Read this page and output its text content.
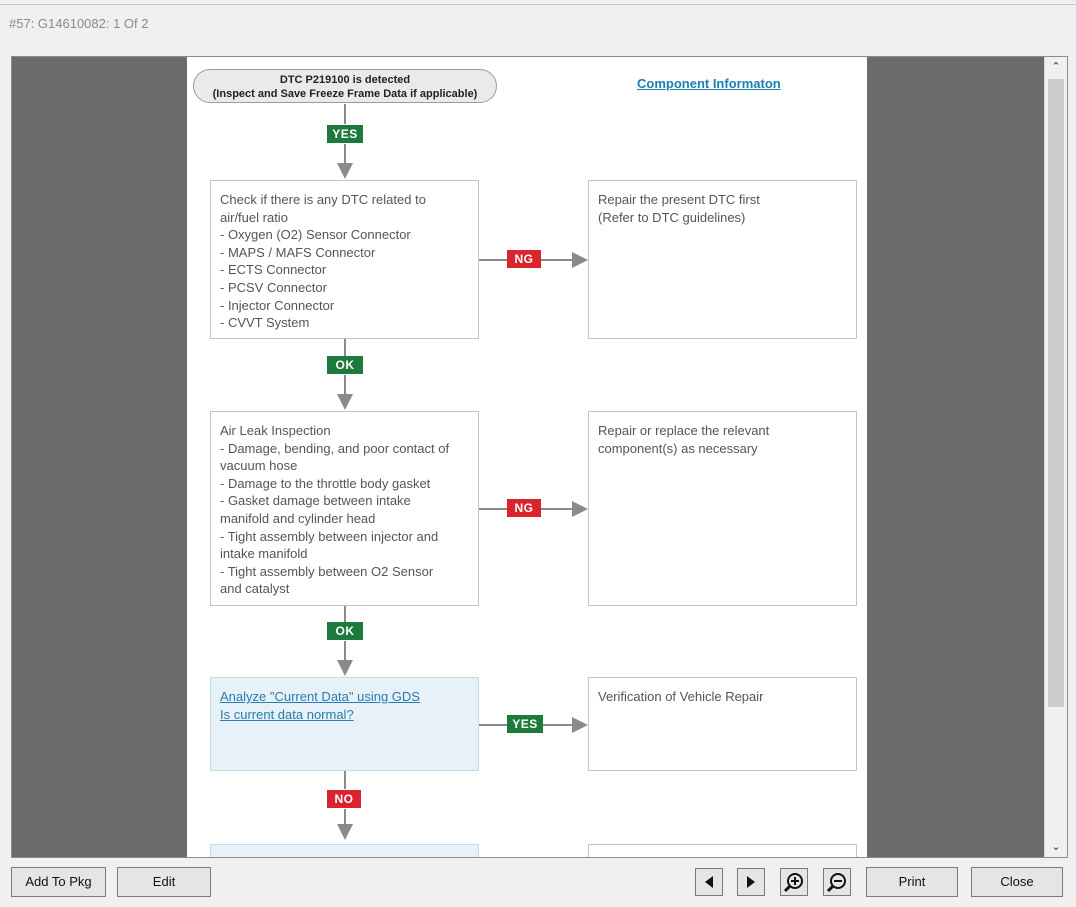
#57: G14610082: 1 Of 2
DTC P219100 is detected
(Inspect and Save Freeze Frame Data if applicable)
Component Informaton
YES
Check if there is any DTC related to
air/fuel ratio
- Oxygen (O2) Sensor Connector
- MAPS / MAFS Connector
- ECTS Connector
- PCSV Connector
- Injector Connector
- CVVT System
NG
Repair the present DTC first
(Refer to DTC guidelines)
OK
Air Leak Inspection
- Damage, bending, and poor contact of
vacuum hose
- Damage to the throttle body gasket
- Gasket damage between intake
manifold and cylinder head
- Tight assembly between injector and
intake manifold
- Tight assembly between O2 Sensor
and catalyst
NG
Repair or replace the relevant
component(s) as necessary
OK
Analyze "Current Data" using GDS
Is current data normal?
YES
Verification of Vehicle Repair
NO
⌃
⌄
Add To Pkg	Edit	Print	Close
